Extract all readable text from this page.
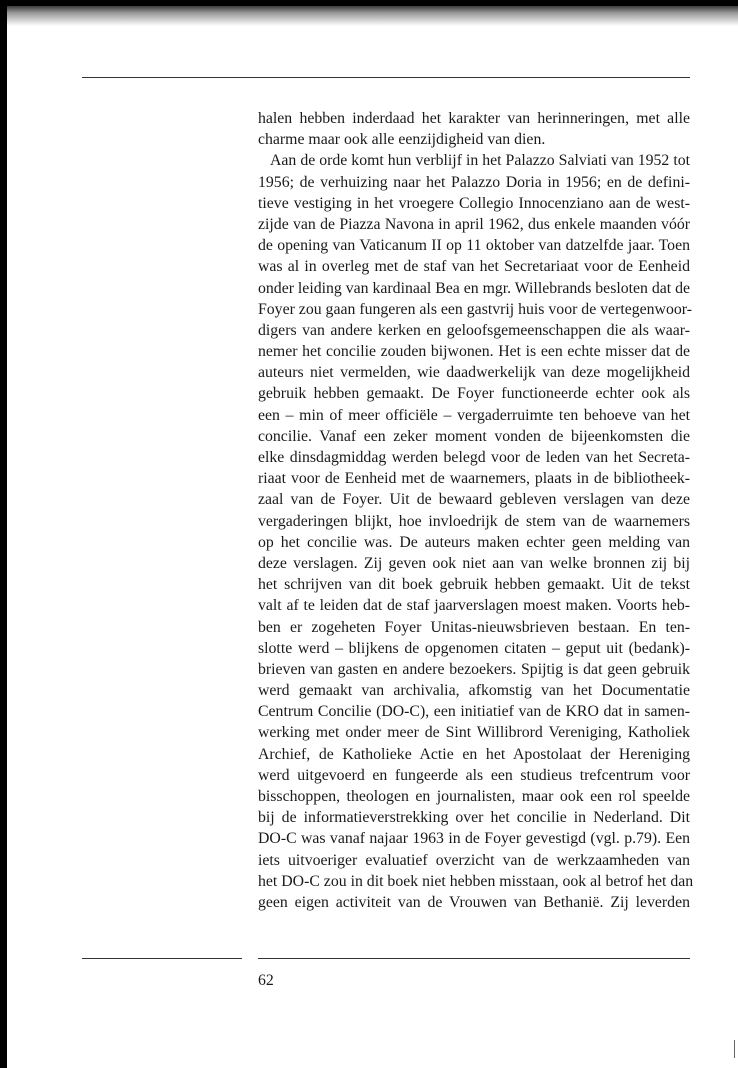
halen hebben inderdaad het karakter van herinneringen, met alle
charme maar ook alle eenzijdigheid van dien.
Aan de orde komt hun verblijf in het Palazzo Salviati van 1952 tot
1956; de verhuizing naar het Palazzo Doria in 1956; en de defini-
tieve vestiging in het vroegere Collegio Innocenziano aan de west-
zijde van de Piazza Navona in april 1962, dus enkele maanden vóór
de opening van Vaticanum II op 11 oktober van datzelfde jaar. Toen
was al in overleg met de staf van het Secretariaat voor de Eenheid
onder leiding van kardinaal Bea en mgr. Willebrands besloten dat de
Foyer zou gaan fungeren als een gastvrij huis voor de vertegenwoor-
digers van andere kerken en geloofsgemeenschappen die als waar-
nemer het concilie zouden bijwonen. Het is een echte misser dat de
auteurs niet vermelden, wie daadwerkelijk van deze mogelijkheid
gebruik hebben gemaakt. De Foyer functioneerde echter ook als
een – min of meer officiële – vergaderruimte ten behoeve van het
concilie. Vanaf een zeker moment vonden de bijeenkomsten die
elke dinsdagmiddag werden belegd voor de leden van het Secreta-
riaat voor de Eenheid met de waarnemers, plaats in de bibliotheek-
zaal van de Foyer. Uit de bewaard gebleven verslagen van deze
vergaderingen blijkt, hoe invloedrijk de stem van de waarnemers
op het concilie was. De auteurs maken echter geen melding van
deze verslagen. Zij geven ook niet aan van welke bronnen zij bij
het schrijven van dit boek gebruik hebben gemaakt. Uit de tekst
valt af te leiden dat de staf jaarverslagen moest maken. Voorts heb-
ben er zogeheten Foyer Unitas-nieuwsbrieven bestaan. En ten-
slotte werd – blijkens de opgenomen citaten – geput uit (bedank)-
brieven van gasten en andere bezoekers. Spijtig is dat geen gebruik
werd gemaakt van archivalia, afkomstig van het Documentatie
Centrum Concilie (DO-C), een initiatief van de KRO dat in samen-
werking met onder meer de Sint Willibrord Vereniging, Katholiek
Archief, de Katholieke Actie en het Apostolaat der Hereniging
werd uitgevoerd en fungeerde als een studieus trefcentrum voor
bisschoppen, theologen en journalisten, maar ook een rol speelde
bij de informatieverstrekking over het concilie in Nederland. Dit
DO-C was vanaf najaar 1963 in de Foyer gevestigd (vgl. p.79). Een
iets uitvoeriger evaluatief overzicht van de werkzaamheden van
het DO-C zou in dit boek niet hebben misstaan, ook al betrof het dan
geen eigen activiteit van de Vrouwen van Bethanië. Zij leverden
62
